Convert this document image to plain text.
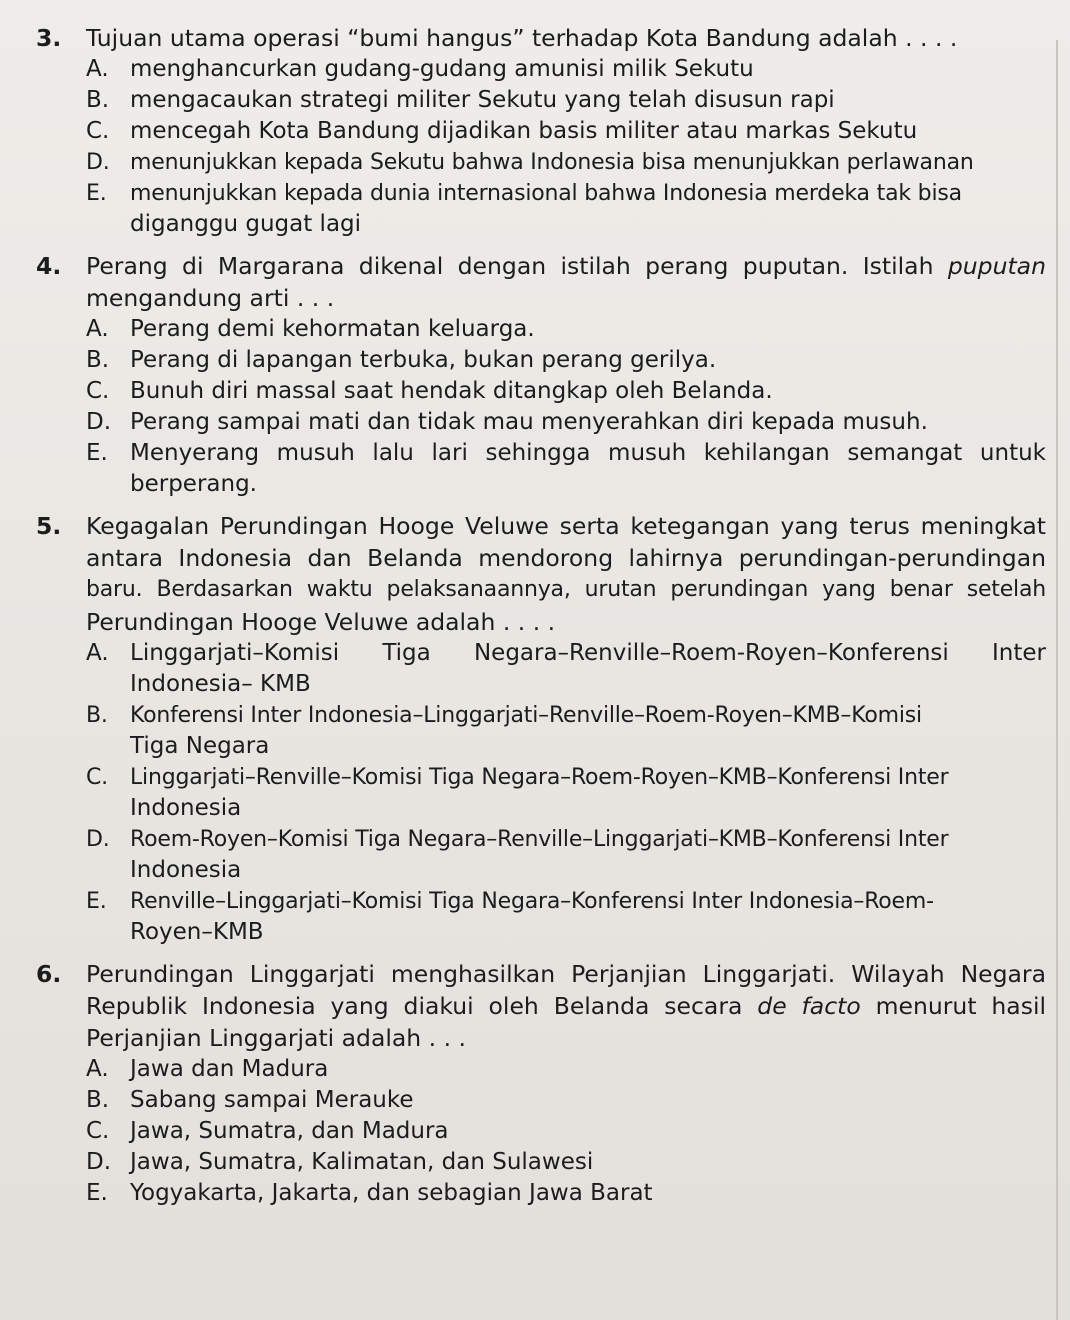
3. Tujuan utama operasi “bumi hangus” terhadap Kota Bandung adalah . . . .
A. menghancurkan gudang-gudang amunisi milik Sekutu
B. mengacaukan strategi militer Sekutu yang telah disusun rapi
C. mencegah Kota Bandung dijadikan basis militer atau markas Sekutu
D. menunjukkan kepada Sekutu bahwa Indonesia bisa menunjukkan perlawanan
E. menunjukkan kepada dunia internasional bahwa Indonesia merdeka tak bisa
diganggu gugat lagi
4. Perang di Margarana dikenal dengan istilah perang puputan. Istilah puputan
mengandung arti . . .
A. Perang demi kehormatan keluarga.
B. Perang di lapangan terbuka, bukan perang gerilya.
C. Bunuh diri massal saat hendak ditangkap oleh Belanda.
D. Perang sampai mati dan tidak mau menyerahkan diri kepada musuh.
E. Menyerang musuh lalu lari sehingga musuh kehilangan semangat untuk
berperang.
5. Kegagalan Perundingan Hooge Veluwe serta ketegangan yang terus meningkat
antara Indonesia dan Belanda mendorong lahirnya perundingan-perundingan
baru. Berdasarkan waktu pelaksanaannya, urutan perundingan yang benar setelah
Perundingan Hooge Veluwe adalah . . . .
A. Linggarjati–Komisi Tiga Negara–Renville–Roem-Royen–Konferensi Inter
Indonesia– KMB
B. Konferensi Inter Indonesia–Linggarjati–Renville–Roem-Royen–KMB–Komisi
Tiga Negara
C. Linggarjati–Renville–Komisi Tiga Negara–Roem-Royen–KMB–Konferensi Inter
Indonesia
D. Roem-Royen–Komisi Tiga Negara–Renville–Linggarjati–KMB–Konferensi Inter
Indonesia
E. Renville–Linggarjati–Komisi Tiga Negara–Konferensi Inter Indonesia–Roem-
Royen–KMB
6. Perundingan Linggarjati menghasilkan Perjanjian Linggarjati. Wilayah Negara
Republik Indonesia yang diakui oleh Belanda secara de facto menurut hasil
Perjanjian Linggarjati adalah . . .
A. Jawa dan Madura
B. Sabang sampai Merauke
C. Jawa, Sumatra, dan Madura
D. Jawa, Sumatra, Kalimatan, dan Sulawesi
E. Yogyakarta, Jakarta, dan sebagian Jawa Barat
